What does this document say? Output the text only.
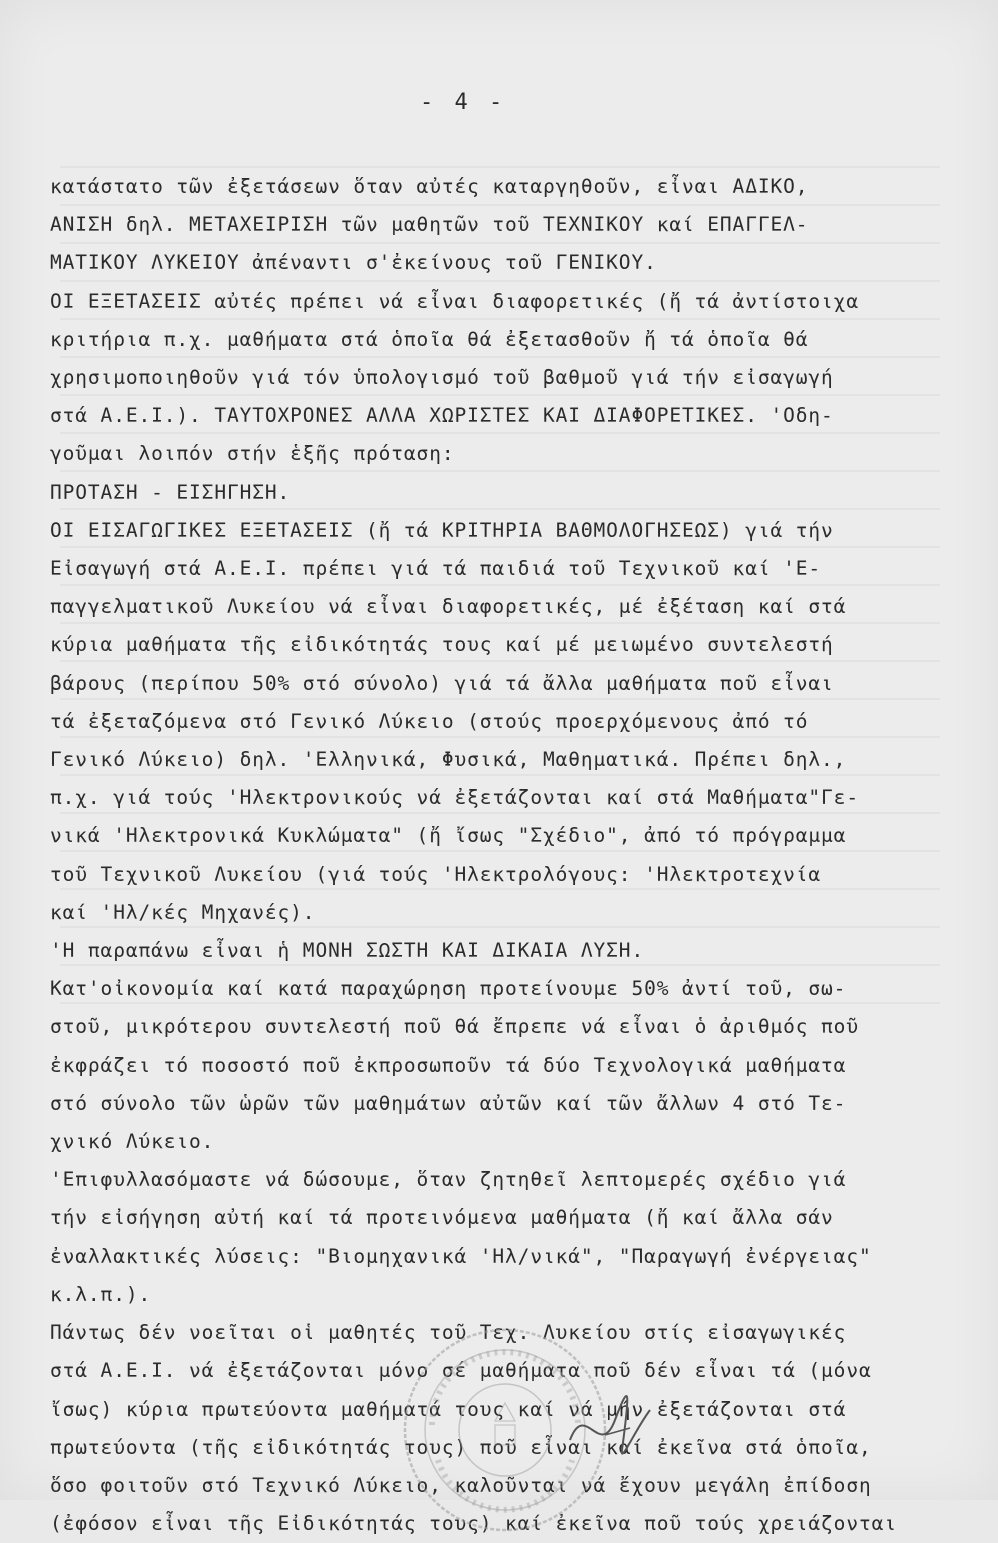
- 4 -
κατάστατο τῶν ἐξετάσεων ὅταν αὐτές καταργηθοῦν, εἶναι ΑΔΙΚΟ,
ΑΝΙΣΗ δηλ. ΜΕΤΑΧΕΙΡΙΣΗ τῶν μαθητῶν τοῦ ΤΕΧΝΙΚΟΥ καί ΕΠΑΓΓΕΛ-
ΜΑΤΙΚΟΥ ΛΥΚΕΙΟΥ ἀπέναντι σ'ἐκείνους τοῦ ΓΕΝΙΚΟΥ.
ΟΙ ΕΞΕΤΑΣΕΙΣ αὐτές πρέπει νά εἶναι διαφορετικές (ἤ τά ἀντίστοιχα
κριτήρια π.χ. μαθήματα στά ὁποῖα θά ἐξετασθοῦν ἤ τά ὁποῖα θά
χρησιμοποιηθοῦν γιά τόν ὑπολογισμό τοῦ βαθμοῦ γιά τήν εἰσαγωγή
στά Α.Ε.Ι.). ΤΑΥΤΟΧΡΟΝΕΣ ΑΛΛΑ ΧΩΡΙΣΤΕΣ ΚΑΙ ΔΙΑΦΟΡΕΤΙΚΕΣ. 'Οδη-
γοῦμαι λοιπόν στήν ἑξῆς πρόταση:
ΠΡΟΤΑΣΗ - ΕΙΣΗΓΗΣΗ.
ΟΙ ΕΙΣΑΓΩΓΙΚΕΣ ΕΞΕΤΑΣΕΙΣ (ἤ τά ΚΡΙΤΗΡΙΑ ΒΑΘΜΟΛΟΓΗΣΕΩΣ) γιά τήν
Εἰσαγωγή στά Α.Ε.Ι. πρέπει γιά τά παιδιά τοῦ Τεχνικοῦ καί 'Ε-
παγγελματικοῦ Λυκείου νά εἶναι διαφορετικές, μέ ἐξέταση καί στά
κύρια μαθήματα τῆς εἰδικότητάς τους καί μέ μειωμένο συντελεστή
βάρους (περίπου 50% στό σύνολο) γιά τά ἄλλα μαθήματα ποῦ εἶναι
τά ἐξεταζόμενα στό Γενικό Λύκειο (στούς προερχόμενους ἀπό τό
Γενικό Λύκειο) δηλ. 'Ελληνικά, Φυσικά, Μαθηματικά. Πρέπει δηλ.,
π.χ. γιά τούς 'Ηλεκτρονικούς νά ἐξετάζονται καί στά Μαθήματα"Γε-
νικά 'Ηλεκτρονικά Κυκλώματα" (ἤ ἴσως "Σχέδιο", ἀπό τό πρόγραμμα
τοῦ Τεχνικοῦ Λυκείου (γιά τούς 'Ηλεκτρολόγους: 'Ηλεκτροτεχνία
καί 'Ηλ/κές Μηχανές).
'Η παραπάνω εἶναι ἡ ΜΟΝΗ ΣΩΣΤΗ ΚΑΙ ΔΙΚΑΙΑ ΛΥΣΗ.
Κατ'οἰκονομία καί κατά παραχώρηση προτείνουμε 50% ἀντί τοῦ, σω-
στοῦ, μικρότερου συντελεστή ποῦ θά ἔπρεπε νά εἶναι ὁ ἀριθμός ποῦ
ἐκφράζει τό ποσοστό ποῦ ἐκπροσωποῦν τά δύο Τεχνολογικά μαθήματα
στό σύνολο τῶν ὡρῶν τῶν μαθημάτων αὐτῶν καί τῶν ἄλλων 4 στό Τε-
χνικό Λύκειο.
'Επιφυλλασόμαστε νά δώσουμε, ὅταν ζητηθεῖ λεπτομερές σχέδιο γιά
τήν εἰσήγηση αὐτή καί τά προτεινόμενα μαθήματα (ἤ καί ἄλλα σάν
ἐναλλακτικές λύσεις: "Βιομηχανικά 'Ηλ/νικά", "Παραγωγή ἐνέργειας"
κ.λ.π.).
Πάντως δέν νοεῖται οἱ μαθητές τοῦ Τεχ. Λυκείου στίς εἰσαγωγικές
στά Α.Ε.Ι. νά ἐξετάζονται μόνο σέ μαθήματα ποῦ δέν εἶναι τά (μόνα
ἴσως) κύρια πρωτεύοντα μαθήματά τους καί νά μήν ἐξετάζονται στά
πρωτεύοντα (τῆς εἰδικότητάς τους) ποῦ εἶναι καί ἐκεῖνα στά ὁποῖα,
ὅσο φοιτοῦν στό Τεχνικό Λύκειο, καλοῦνται νά ἔχουν μεγάλη ἐπίδοση
(ἐφόσον εἶναι τῆς Εἰδικότητάς τους) καί ἐκεῖνα ποῦ τούς χρειάζονται
